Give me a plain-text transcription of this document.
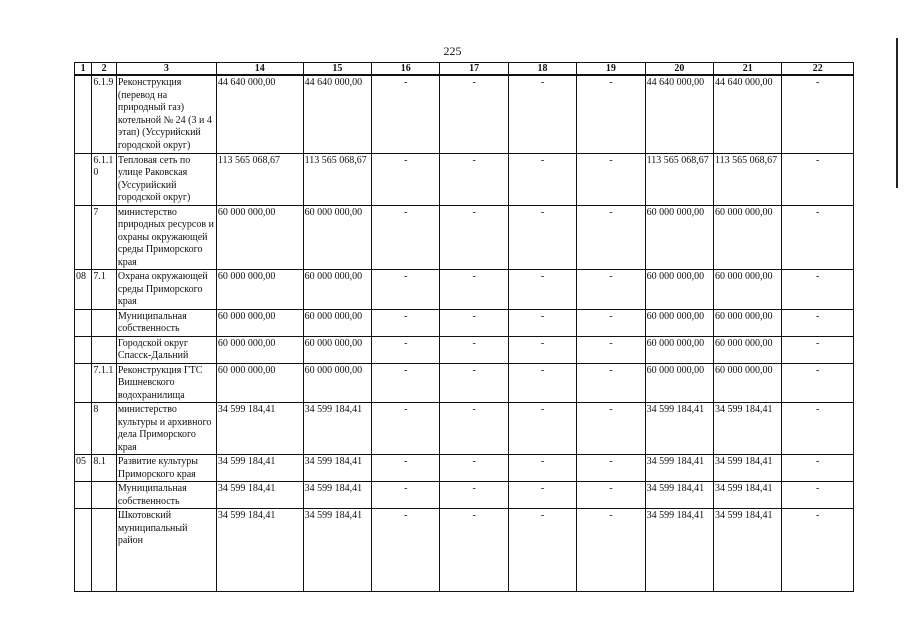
225
1	2	3	14	15	16	17	18	19	20	21	22
	6.1.9	Реконструкция (перевод на природный газ) котельной № 24 (3 и 4 этап) (Уссурийский городской округ)	44 640 000,00	44 640 000,00	-	-	-	-	44 640 000,00	44 640 000,00	-
	6.1.10	Тепловая сеть по улице Раковская (Уссурийский городской округ)	113 565 068,67	113 565 068,67	-	-	-	-	113 565 068,67	113 565 068,67	-
	7	министерство природных ресурсов и охраны окружающей среды Приморского края	60 000 000,00	60 000 000,00	-	-	-	-	60 000 000,00	60 000 000,00	-
08	7.1	Охрана окружающей среды Приморского края	60 000 000,00	60 000 000,00	-	-	-	-	60 000 000,00	60 000 000,00	-
		Муниципальная собственность	60 000 000,00	60 000 000,00	-	-	-	-	60 000 000,00	60 000 000,00	-
		Городской округ Спасск-Дальний	60 000 000,00	60 000 000,00	-	-	-	-	60 000 000,00	60 000 000,00	-
	7.1.1	Реконструкция ГТС Вишневского водохранилища	60 000 000,00	60 000 000,00	-	-	-	-	60 000 000,00	60 000 000,00	-
	8	министерство культуры и архивного дела Приморского края	34 599 184,41	34 599 184,41	-	-	-	-	34 599 184,41	34 599 184,41	-
05	8.1	Развитие культуры Приморского края	34 599 184,41	34 599 184,41	-	-	-	-	34 599 184,41	34 599 184,41	-
		Муниципальная собственность	34 599 184,41	34 599 184,41	-	-	-	-	34 599 184,41	34 599 184,41	-
		Шкотовский муниципальный район	34 599 184,41	34 599 184,41	-	-	-	-	34 599 184,41	34 599 184,41	-
